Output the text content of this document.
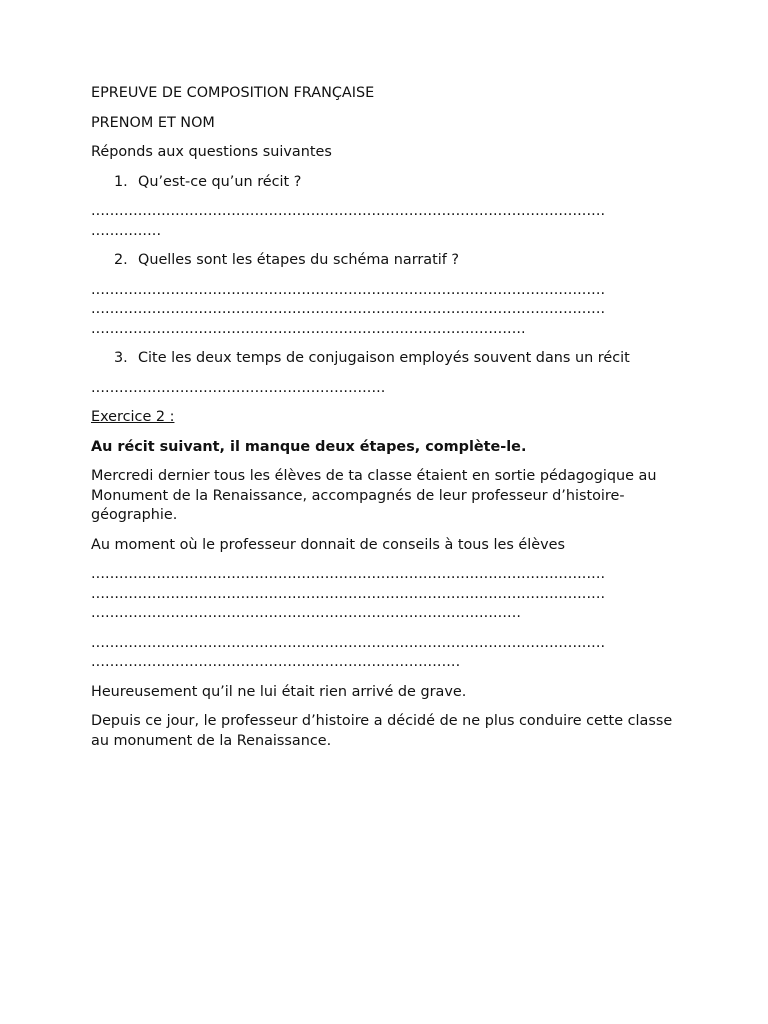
EPREUVE DE COMPOSITION FRANÇAISE

PRENOM ET NOM

Réponds aux questions suivantes

1. Qu’est-ce qu’un récit ?
..............................................................................................................
...............
2. Quelles sont les étapes du schéma narratif ?
..............................................................................................................
..............................................................................................................
.............................................................................................
3. Cite les deux temps de conjugaison employés souvent dans un récit
...............................................................

Exercice 2 :

Au récit suivant, il manque deux étapes, complète-le.

Mercredi dernier tous les élèves de ta classe étaient en sortie pédagogique au Monument de la Renaissance, accompagnés de leur professeur d’histoire-géographie.

Au moment où le professeur donnait de conseils à tous les élèves

..............................................................................................................
..............................................................................................................
............................................................................................
..............................................................................................................
...............................................................................

Heureusement qu’il ne lui était rien arrivé de grave.

Depuis ce jour, le professeur d’histoire a décidé de ne plus conduire cette classe au monument de la Renaissance.
